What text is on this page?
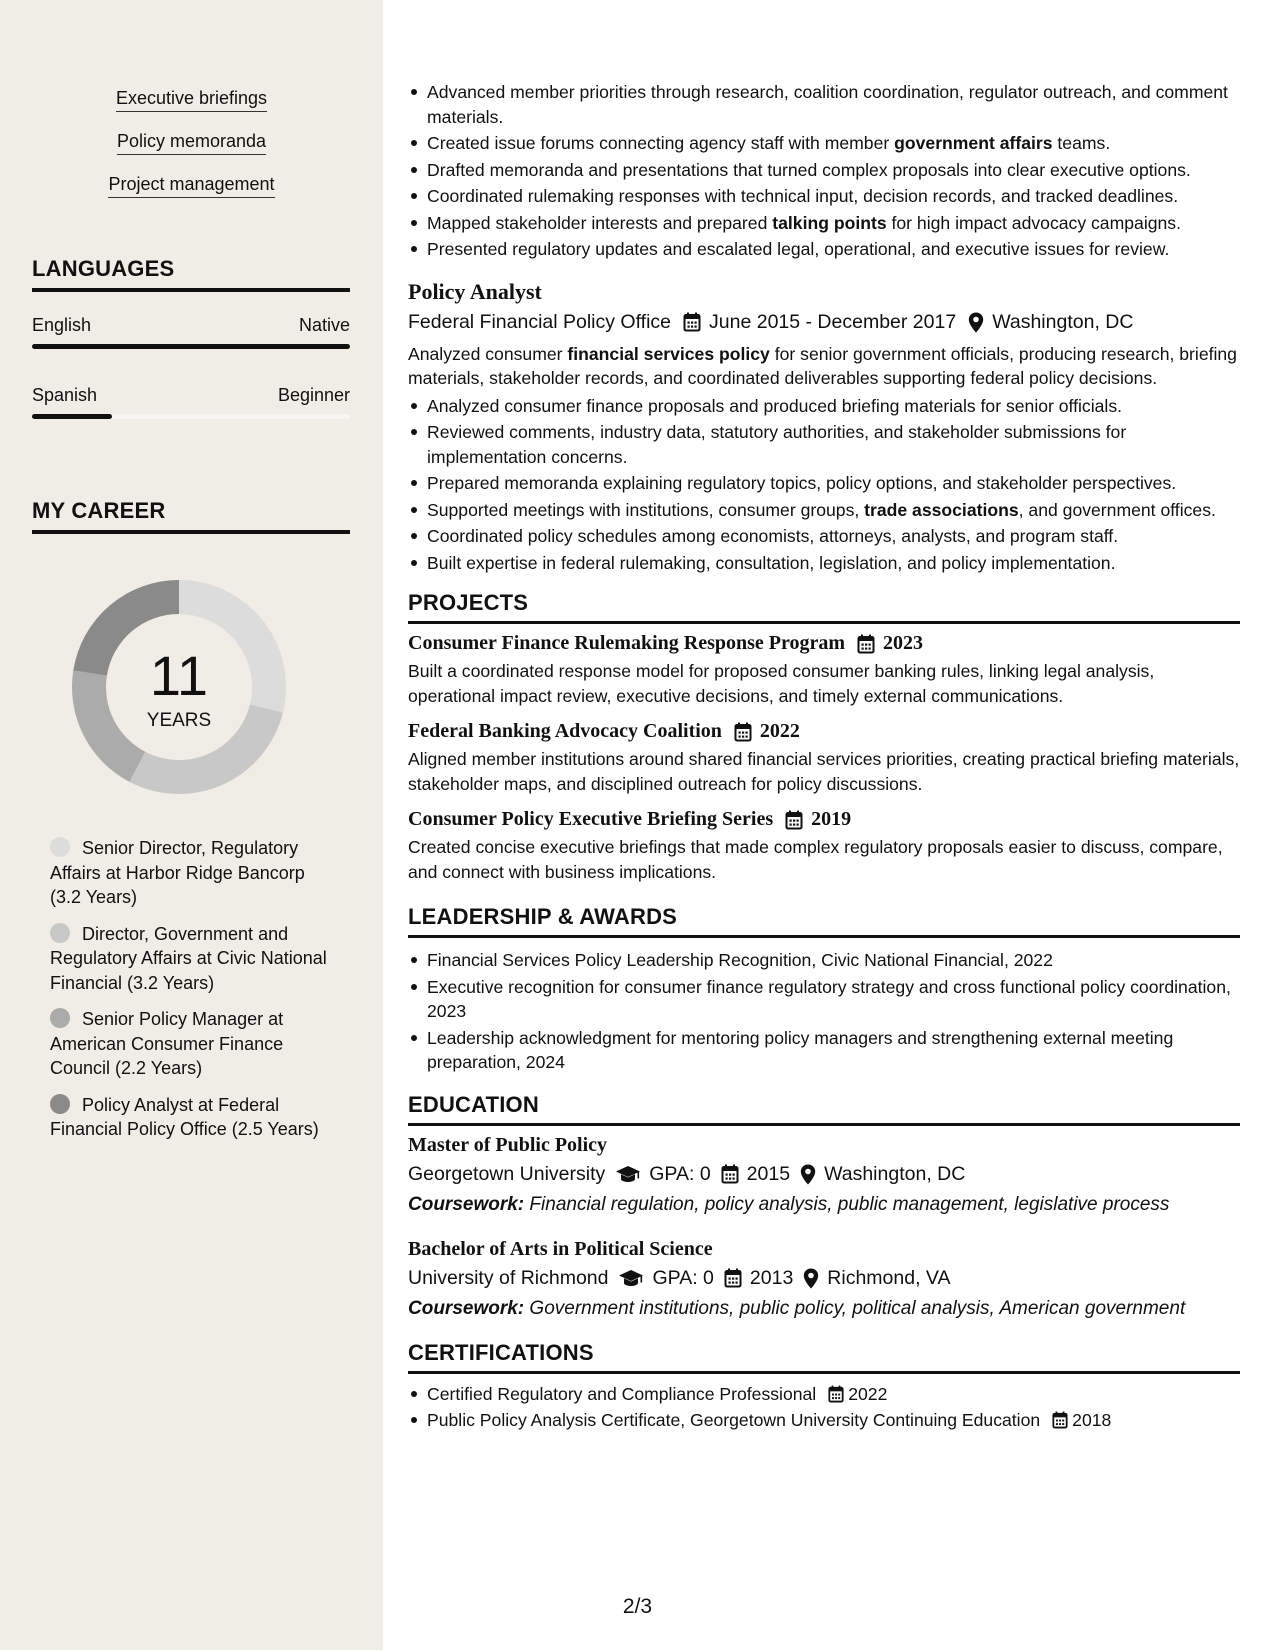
Executive briefings
Policy memoranda
Project management
LANGUAGES
English	Native
Spanish	Beginner
MY CAREER
11
YEARS
Senior Director, Regulatory Affairs at Harbor Ridge Bancorp (3.2 Years)
Director, Government and Regulatory Affairs at Civic National Financial (3.2 Years)
Senior Policy Manager at American Consumer Finance Council (2.2 Years)
Policy Analyst at Federal Financial Policy Office (2.5 Years)
Advanced member priorities through research, coalition coordination, regulator outreach, and comment materials.
Created issue forums connecting agency staff with member government affairs teams.
Drafted memoranda and presentations that turned complex proposals into clear executive options.
Coordinated rulemaking responses with technical input, decision records, and tracked deadlines.
Mapped stakeholder interests and prepared talking points for high impact advocacy campaigns.
Presented regulatory updates and escalated legal, operational, and executive issues for review.
Policy Analyst
Federal Financial Policy Office June 2015 - December 2017 Washington, DC
Analyzed consumer financial services policy for senior government officials, producing research, briefing materials, stakeholder records, and coordinated deliverables supporting federal policy decisions.
Analyzed consumer finance proposals and produced briefing materials for senior officials.
Reviewed comments, industry data, statutory authorities, and stakeholder submissions for implementation concerns.
Prepared memoranda explaining regulatory topics, policy options, and stakeholder perspectives.
Supported meetings with institutions, consumer groups, trade associations, and government offices.
Coordinated policy schedules among economists, attorneys, analysts, and program staff.
Built expertise in federal rulemaking, consultation, legislation, and policy implementation.
PROJECTS
Consumer Finance Rulemaking Response Program 2023
Built a coordinated response model for proposed consumer banking rules, linking legal analysis, operational impact review, executive decisions, and timely external communications.
Federal Banking Advocacy Coalition 2022
Aligned member institutions around shared financial services priorities, creating practical briefing materials, stakeholder maps, and disciplined outreach for policy discussions.
Consumer Policy Executive Briefing Series 2019
Created concise executive briefings that made complex regulatory proposals easier to discuss, compare, and connect with business implications.
LEADERSHIP & AWARDS
Financial Services Policy Leadership Recognition, Civic National Financial, 2022
Executive recognition for consumer finance regulatory strategy and cross functional policy coordination, 2023
Leadership acknowledgment for mentoring policy managers and strengthening external meeting preparation, 2024
EDUCATION
Master of Public Policy
Georgetown University GPA: 0 2015 Washington, DC
Coursework: Financial regulation, policy analysis, public management, legislative process
Bachelor of Arts in Political Science
University of Richmond GPA: 0 2013 Richmond, VA
Coursework: Government institutions, public policy, political analysis, American government
CERTIFICATIONS
Certified Regulatory and Compliance Professional 2022
Public Policy Analysis Certificate, Georgetown University Continuing Education 2018
2/3
